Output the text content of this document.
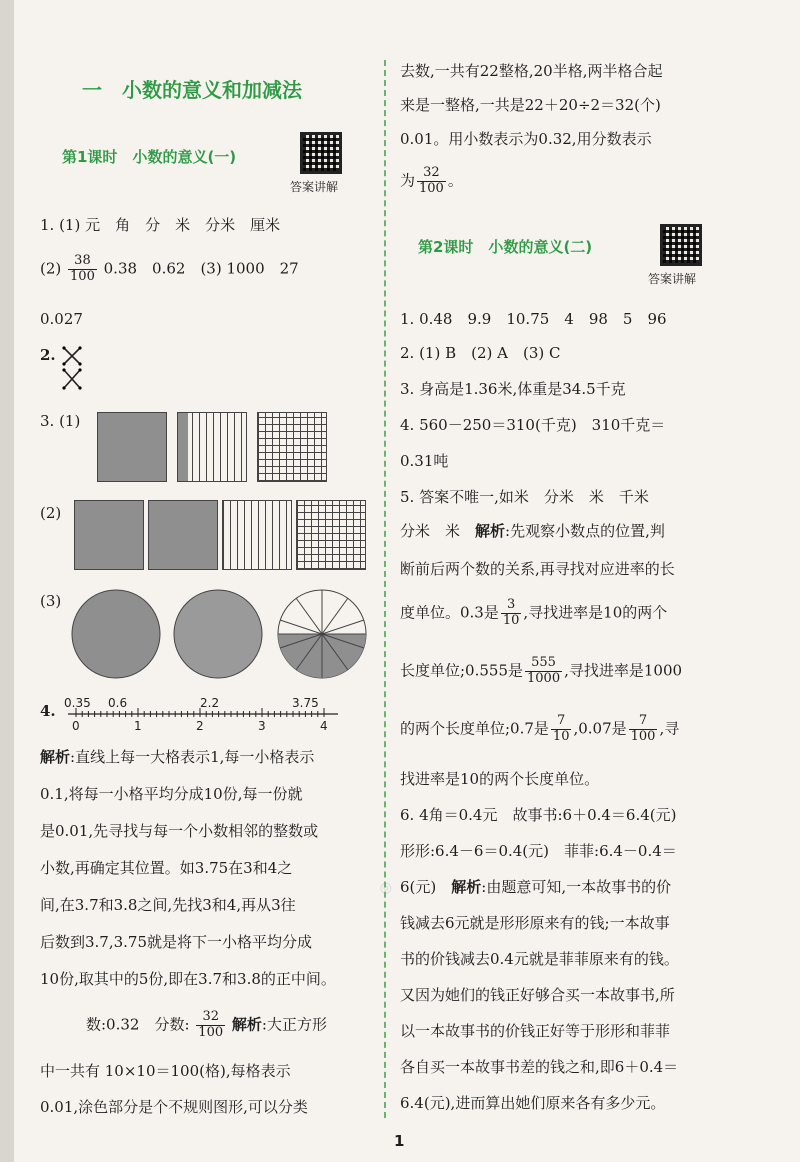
一　小数的意义和加减法
第1课时　小数的意义(一)
答案讲解
1. (1) 元　角　分　米　分米　厘米
$(2) \frac{38}{100} 0.38$　0.62　(3) 1000　27
0.027
2.
3. (1)
(2)
(3)
4. 0.35 0.6	2.2	3.75
0	1	2	3	4
解析:直线上每一大格表示1,每一小格表示
0.1,将每一小格平均分成10份,每一份就
是0.01,先寻找与每一个小数相邻的整数或
小数,再确定其位置。如3.75在3和4之
间,在3.7和3.8之间,先找3和4,再从3往
后数到3.7,3.75就是将下一小格平均分成
10份,取其中的5份,即在3.7和3.8的正中间。
数:0.32　分数: $\frac{32}{100}$ 解析:大正方形
中一共有 10×10＝100(格),每格表示
0.01,涂色部分是个不规则图形,可以分类
去数,一共有22整格,20半格,两半格合起
来是一整格,一共是22＋20÷2＝32(个)
0.01。用小数表示为0.32,用分数表示
为 $\frac{32}{100}$ 。
第2课时　小数的意义(二)
答案讲解
1. 0.48　9.9　10.75　4　98　5　96
2. (1) B　(2) A　(3) C
3. 身高是1.36米,体重是34.5千克
4. 560－250＝310(千克)　310千克＝
0.31吨
5. 答案不唯一,如米　分米　米　千米
分米　米　解析:先观察小数点的位置,判
断前后两个数的关系,再寻找对应进率的长
度单位。0.3是 $\frac{3}{10}$ ,寻找进率是10的两个
长度单位;0.555是 $\frac{555}{1000}$ ,寻找进率是1000
的两个长度单位;0.7是 $\frac{7}{10} ,0.07$是 $\frac{7}{100}$ ,寻
找进率是10的两个长度单位。
6. 4角＝0.4元　故事书:6＋0.4＝6.4(元)
形形:6.4－6＝0.4(元)　菲菲:6.4－0.4＝
6(元)　解析:由题意可知,一本故事书的价
钱减去6元就是形形原来有的钱;一本故事
书的价钱减去0.4元就是菲菲原来有的钱。
又因为她们的钱正好够合买一本故事书,所
以一本故事书的价钱正好等于形形和菲菲
各自买一本故事书差的钱之和,即6＋0.4＝
6.4(元),进而算出她们原来各有多少元。
◎
1
